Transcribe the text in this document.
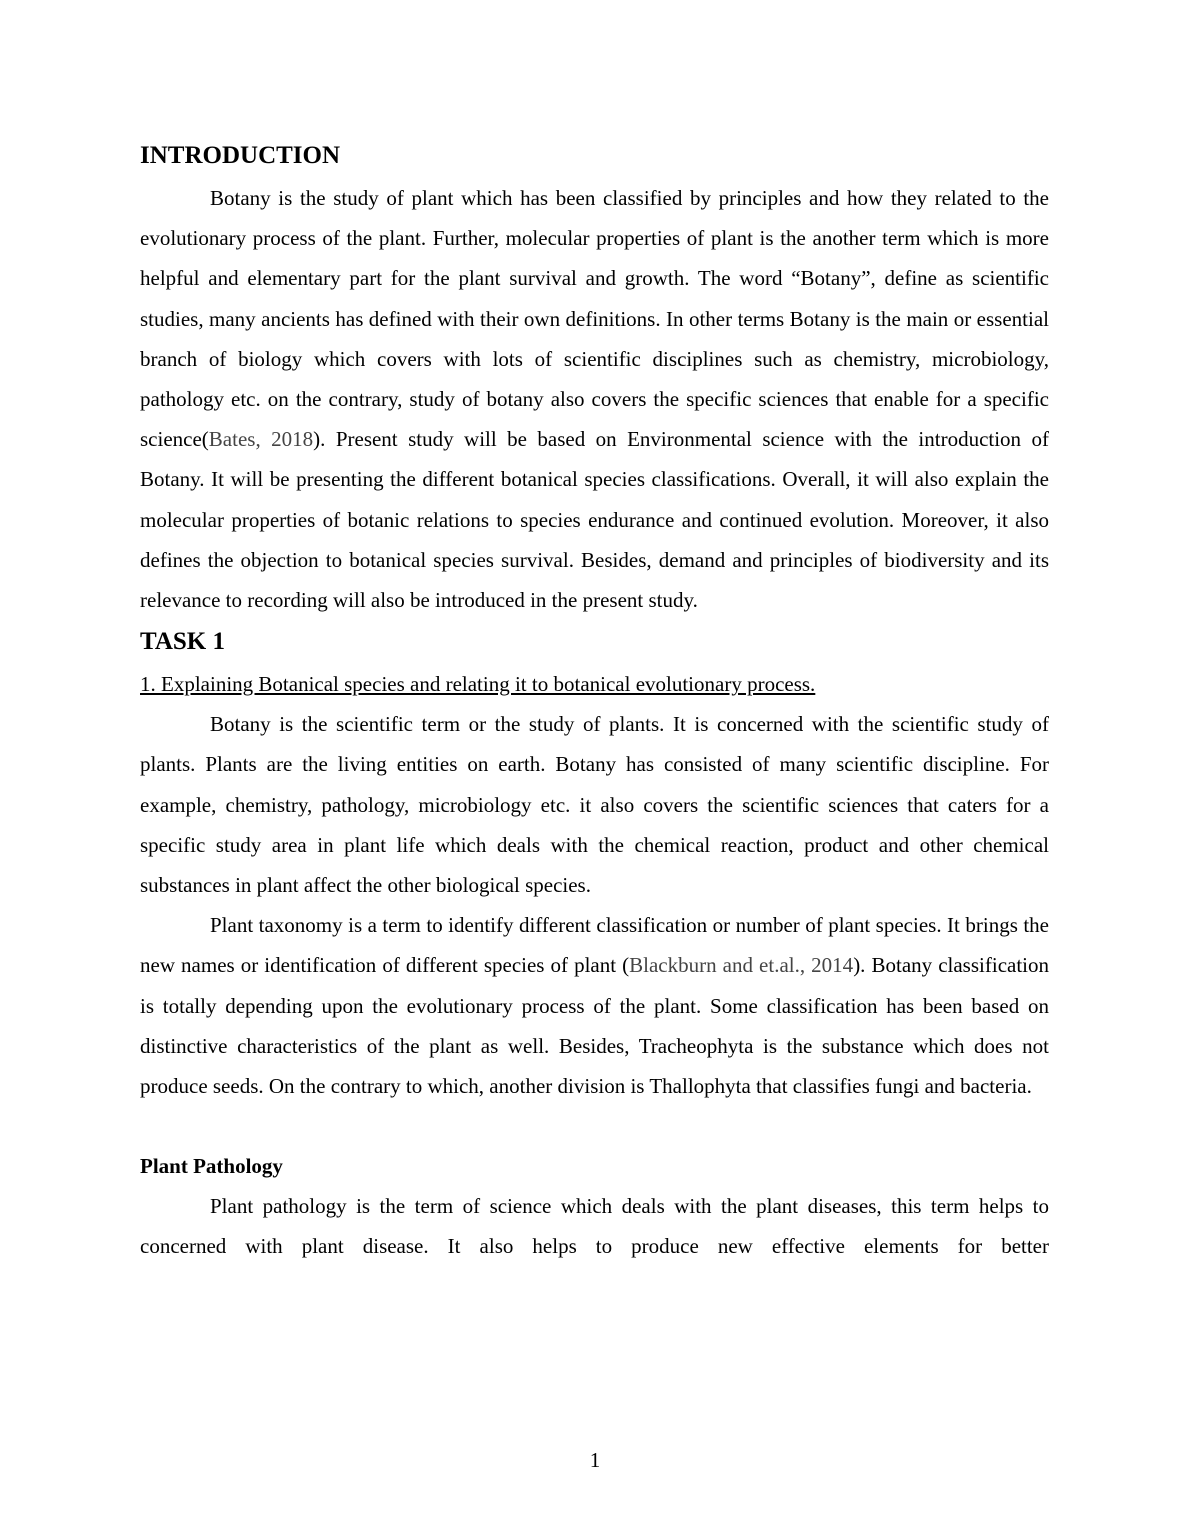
INTRODUCTION

Botany is the study of plant which has been classified by principles and how they related to the evolutionary process of the plant. Further, molecular properties of plant is the another term which is more helpful and elementary part for the plant survival and growth. The word “Botany”, define as scientific studies, many ancients has defined with their own definitions. In other terms Botany is the main or essential branch of biology which covers with lots of scientific disciplines such as chemistry, microbiology, pathology etc. on the contrary, study of botany also covers the specific sciences that enable for a specific science(Bates, 2018). Present study will be based on Environmental science with the introduction of Botany. It will be presenting the different botanical species classifications. Overall, it will also explain the molecular properties of botanic relations to species endurance and continued evolution. Moreover, it also defines the objection to botanical species survival. Besides, demand and principles of biodiversity and its relevance to recording will also be introduced in the present study.

TASK 1

1. Explaining Botanical species and relating it to botanical evolutionary process.

Botany is the scientific term or the study of plants. It is concerned with the scientific study of plants. Plants are the living entities on earth. Botany has consisted of many scientific discipline. For example, chemistry, pathology, microbiology etc. it also covers the scientific sciences that caters for a specific study area in plant life which deals with the chemical reaction, product and other chemical substances in plant affect the other biological species.

Plant taxonomy is a term to identify different classification or number of plant species. It brings the new names or identification of different species of plant (Blackburn and et.al., 2014). Botany classification is totally depending upon the evolutionary process of the plant. Some classification has been based on distinctive characteristics of the plant as well. Besides, Tracheophyta is the substance which does not produce seeds. On the contrary to which, another division is Thallophyta that classifies fungi and bacteria.

Plant Pathology

Plant pathology is the term of science which deals with the plant diseases, this term helps to concerned with plant disease. It also helps to produce new effective elements for better

1
